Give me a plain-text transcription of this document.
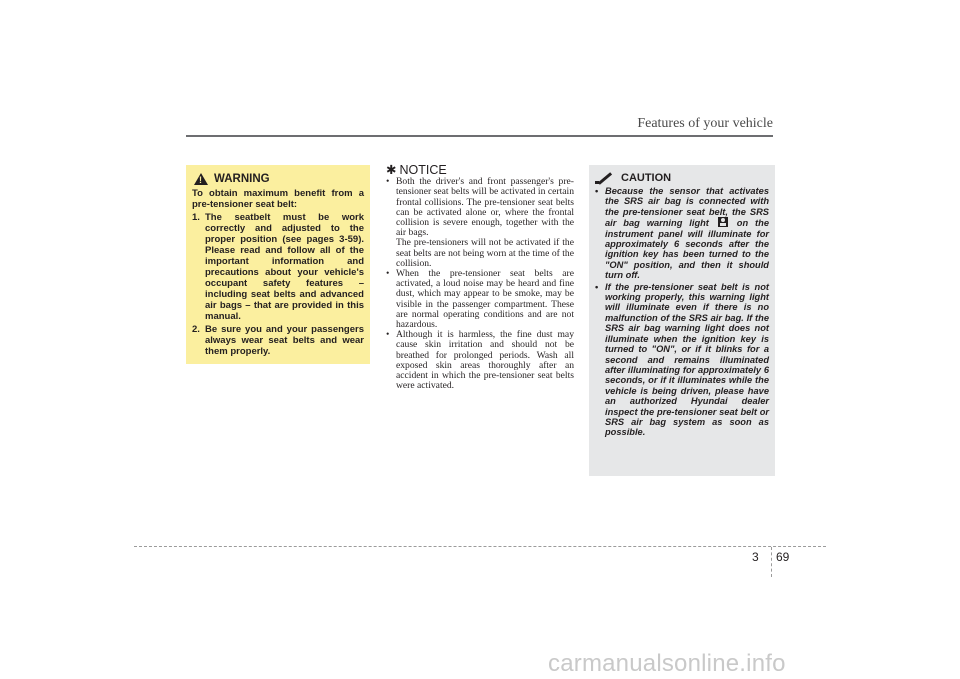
Features of your vehicle
! WARNING

To obtain maximum benefit from a pre-tensioner seat belt:

1. The seatbelt must be work correctly and adjusted to the proper position (see pages 3-59). Please read and follow all of the important information and precautions about your vehicle's occupant safety features – including seat belts and advanced air bags – that are provided in this manual.
2. Be sure you and your passengers always wear seat belts and wear them properly.
✱ NOTICE
• Both the driver's and front passenger's pre-tensioner seat belts will be activated in certain frontal collisions. The pre-tensioner seat belts can be activated alone or, where the frontal collision is severe enough, together with the air bags.
The pre-tensioners will not be activated if the seat belts are not being worn at the time of the collision.
• When the pre-tensioner seat belts are activated, a loud noise may be heard and fine dust, which may appear to be smoke, may be visible in the passenger compartment. These are normal operating conditions and are not hazardous.
• Although it is harmless, the fine dust may cause skin irritation and should not be breathed for prolonged periods. Wash all exposed skin areas thoroughly after an accident in which the pre-tensioner seat belts were activated.
CAUTION
• Because the sensor that activates the SRS air bag is connected with the pre-tensioner seat belt, the SRS air bag warning light	on the instrument panel will illuminate for approximately 6 seconds after the ignition key has been turned to the "ON" position, and then it should turn off.
• If the pre-tensioner seat belt is not working properly, this warning light will illuminate even if there is no malfunction of the SRS air bag. If the SRS air bag warning light does not illuminate when the ignition key is turned to "ON", or if it blinks for a second and remains illuminated after illuminating for approximately 6 seconds, or if it illuminates while the vehicle is being driven, please have an authorized Hyundai dealer inspect the pre-tensioner seat belt or SRS air bag system as soon as possible.
3 69
carmanualsonline.info
